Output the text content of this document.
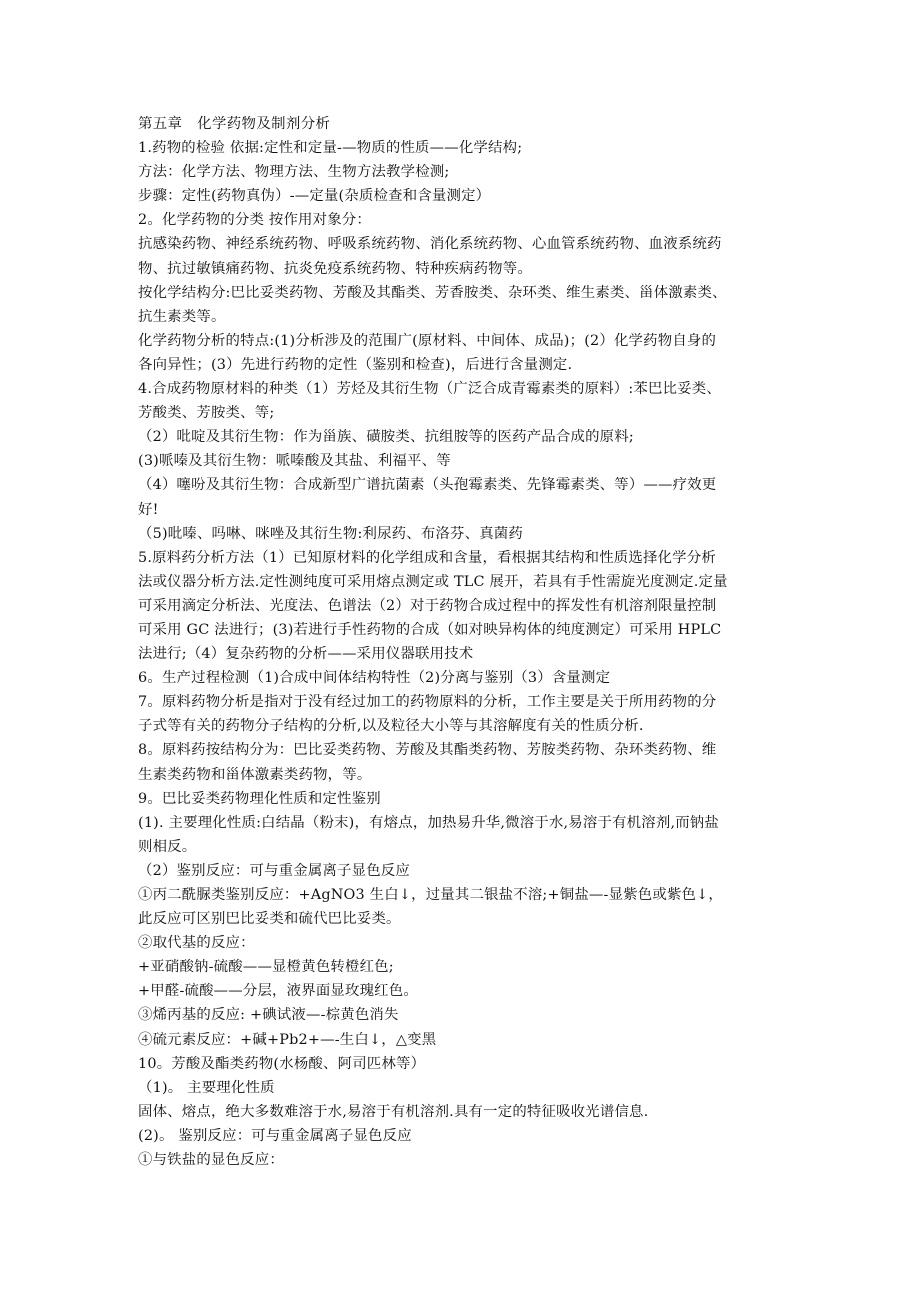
第五章　化学药物及制剂分析
1.药物的检验 依据:定性和定量-—物质的性质——化学结构;
方法：化学方法、物理方法、生物方法教学检测;
步骤：定性(药物真伪）-—定量(杂质检查和含量测定）
2。化学药物的分类 按作用对象分：
抗感染药物、神经系统药物、呼吸系统药物、消化系统药物、心血管系统药物、血液系统药
物、抗过敏镇痛药物、抗炎免疫系统药物、特种疾病药物等。
按化学结构分:巴比妥类药物、芳酸及其酯类、芳香胺类、杂环类、维生素类、甾体激素类、
抗生素类等。
化学药物分析的特点:(1)分析涉及的范围广(原材料、中间体、成品)；(2）化学药物自身的
各向异性；(3）先进行药物的定性（鉴别和检查)，后进行含量测定.
4.合成药物原材料的种类（1）芳烃及其衍生物（广泛合成青霉素类的原料）:苯巴比妥类、
芳酸类、芳胺类、等;
（2）吡啶及其衍生物：作为甾族、磺胺类、抗组胺等的医药产品合成的原料;
(3)哌嗪及其衍生物：哌嗪酸及其盐、利福平、等
（4）噻吩及其衍生物：合成新型广谱抗菌素（头孢霉素类、先锋霉素类、等）——疗效更
好!
（5)吡嗪、吗啉、咪唑及其衍生物:利尿药、布洛芬、真菌药
5.原料药分析方法（1）已知原材料的化学组成和含量，看根据其结构和性质选择化学分析
法或仪器分析方法.定性测纯度可采用熔点测定或 TLC 展开，若具有手性需旋光度测定.定量
可采用滴定分析法、光度法、色谱法（2）对于药物合成过程中的挥发性有机溶剂限量控制
可采用 GC 法进行；(3)若进行手性药物的合成（如对映异构体的纯度测定）可采用 HPLC
法进行;（4）复杂药物的分析——采用仪器联用技术
6。生产过程检测（1)合成中间体结构特性（2)分离与鉴别（3）含量测定
7。原料药物分析是指对于没有经过加工的药物原料的分析，工作主要是关于所用药物的分
子式等有关的药物分子结构的分析,以及粒径大小等与其溶解度有关的性质分析.
8。原料药按结构分为：巴比妥类药物、芳酸及其酯类药物、芳胺类药物、杂环类药物、维
生素类药物和甾体激素类药物，等。
9。巴比妥类药物理化性质和定性鉴别
(1). 主要理化性质:白结晶（粉末)，有熔点，加热易升华,微溶于水,易溶于有机溶剂,而钠盐
则相反。
（2）鉴别反应：可与重金属离子显色反应
①丙二酰脲类鉴别反应：+AgNO3 生白↓，过量其二银盐不溶;+铜盐—-显紫色或紫色↓，
此反应可区别巴比妥类和硫代巴比妥类。
②取代基的反应：
+亚硝酸钠-硫酸——显橙黄色转橙红色;
+甲醛-硫酸——分层，液界面显玫瑰红色。
③烯丙基的反应: +碘试液—-棕黄色消失
④硫元素反应：+碱+Pb2+—-生白↓，△变黑
10。芳酸及酯类药物(水杨酸、阿司匹林等）
（1)。 主要理化性质
固体、熔点，绝大多数难溶于水,易溶于有机溶剂.具有一定的特征吸收光谱信息.
(2)。 鉴别反应：可与重金属离子显色反应
①与铁盐的显色反应：
